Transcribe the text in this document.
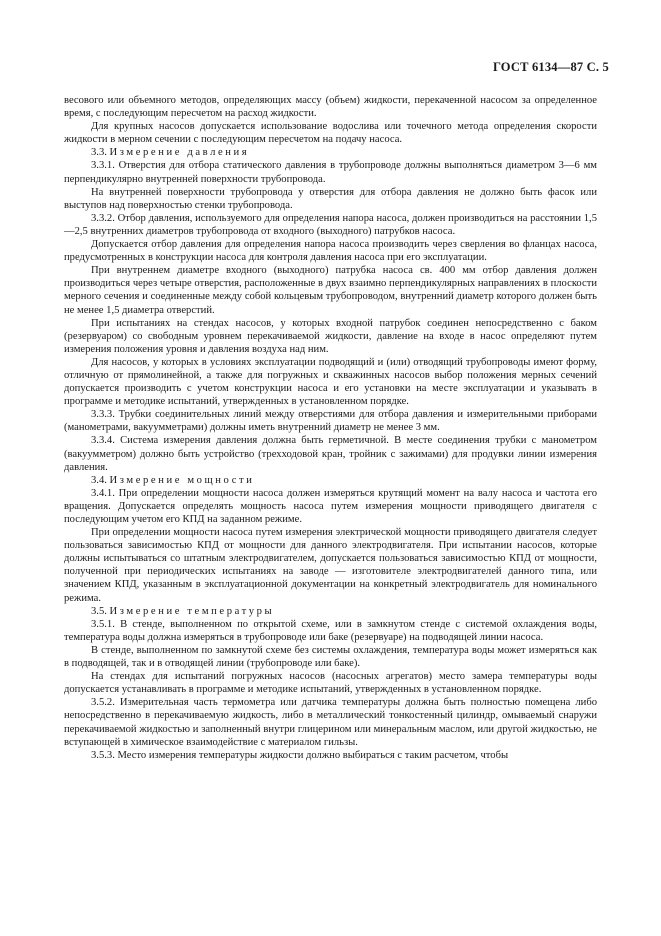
ГОСТ 6134—87 С. 5

весового или объемного методов, определяющих массу (объем) жидкости, перекаченной насосом за определенное время, с последующим пересчетом на расход жидкости.

Для крупных насосов допускается использование водослива или точечного метода определения скорости жидкости в мерном сечении с последующим пересчетом на подачу насоса.

3.3. Измерение давления

3.3.1. Отверстия для отбора статического давления в трубопроводе должны выполняться диаметром 3—6 мм перпендикулярно внутренней поверхности трубопровода.

На внутренней поверхности трубопровода у отверстия для отбора давления не должно быть фасок или выступов над поверхностью стенки трубопровода.

3.3.2. Отбор давления, используемого для определения напора насоса, должен производиться на расстоянии 1,5—2,5 внутренних диаметров трубопровода от входного (выходного) патрубков насоса.

Допускается отбор давления для определения напора насоса производить через сверления во фланцах насоса, предусмотренных в конструкции насоса для контроля давления насоса при его эксплуатации.

При внутреннем диаметре входного (выходного) патрубка насоса св. 400 мм отбор давления должен производиться через четыре отверстия, расположенные в двух взаимно перпендикулярных направлениях в плоскости мерного сечения и соединенные между собой кольцевым трубопроводом, внутренний диаметр которого должен быть не менее 1,5 диаметра отверстий.

При испытаниях на стендах насосов, у которых входной патрубок соединен непосредственно с баком (резервуаром) со свободным уровнем перекачиваемой жидкости, давление на входе в насос определяют путем измерения положения уровня и давления воздуха над ним.

Для насосов, у которых в условиях эксплуатации подводящий и (или) отводящий трубопроводы имеют форму, отличную от прямолинейной, а также для погружных и скважинных насосов выбор положения мерных сечений допускается производить с учетом конструкции насоса и его установки на месте эксплуатации и указывать в программе и методике испытаний, утвержденных в установленном порядке.

3.3.3. Трубки соединительных линий между отверстиями для отбора давления и измерительными приборами (манометрами, вакуумметрами) должны иметь внутренний диаметр не менее 3 мм.

3.3.4. Система измерения давления должна быть герметичной. В месте соединения трубки с манометром (вакуумметром) должно быть устройство (трехходовой кран, тройник с зажимами) для продувки линии измерения давления.

3.4. Измерение мощности

3.4.1. При определении мощности насоса должен измеряться крутящий момент на валу насоса и частота его вращения. Допускается определять мощность насоса путем измерения мощности приводящего двигателя с последующим учетом его КПД на заданном режиме.

При определении мощности насоса путем измерения электрической мощности приводящего двигателя следует пользоваться зависимостью КПД от мощности для данного электродвигателя. При испытании насосов, которые должны испытываться со штатным электродвигателем, допускается пользоваться зависимостью КПД от мощности, полученной при периодических испытаниях на заводе — изготовителе электродвигателей данного типа, или значением КПД, указанным в эксплуатационной документации на конкретный электродвигатель для номинального режима.

3.5. Измерение температуры

3.5.1. В стенде, выполненном по открытой схеме, или в замкнутом стенде с системой охлаждения воды, температура воды должна измеряться в трубопроводе или баке (резервуаре) на подводящей линии насоса.

В стенде, выполненном по замкнутой схеме без системы охлаждения, температура воды может измеряться как в подводящей, так и в отводящей линии (трубопроводе или баке).

На стендах для испытаний погружных насосов (насосных агрегатов) место замера температуры воды допускается устанавливать в программе и методике испытаний, утвержденных в установленном порядке.

3.5.2. Измерительная часть термометра или датчика температуры должна быть полностью помещена либо непосредственно в перекачиваемую жидкость, либо в металлический тонкостенный цилиндр, омываемый снаружи перекачиваемой жидкостью и заполненный внутри глицерином или минеральным маслом, или другой жидкостью, не вступающей в химическое взаимодействие с материалом гильзы.

3.5.3. Место измерения температуры жидкости должно выбираться с таким расчетом, чтобы
